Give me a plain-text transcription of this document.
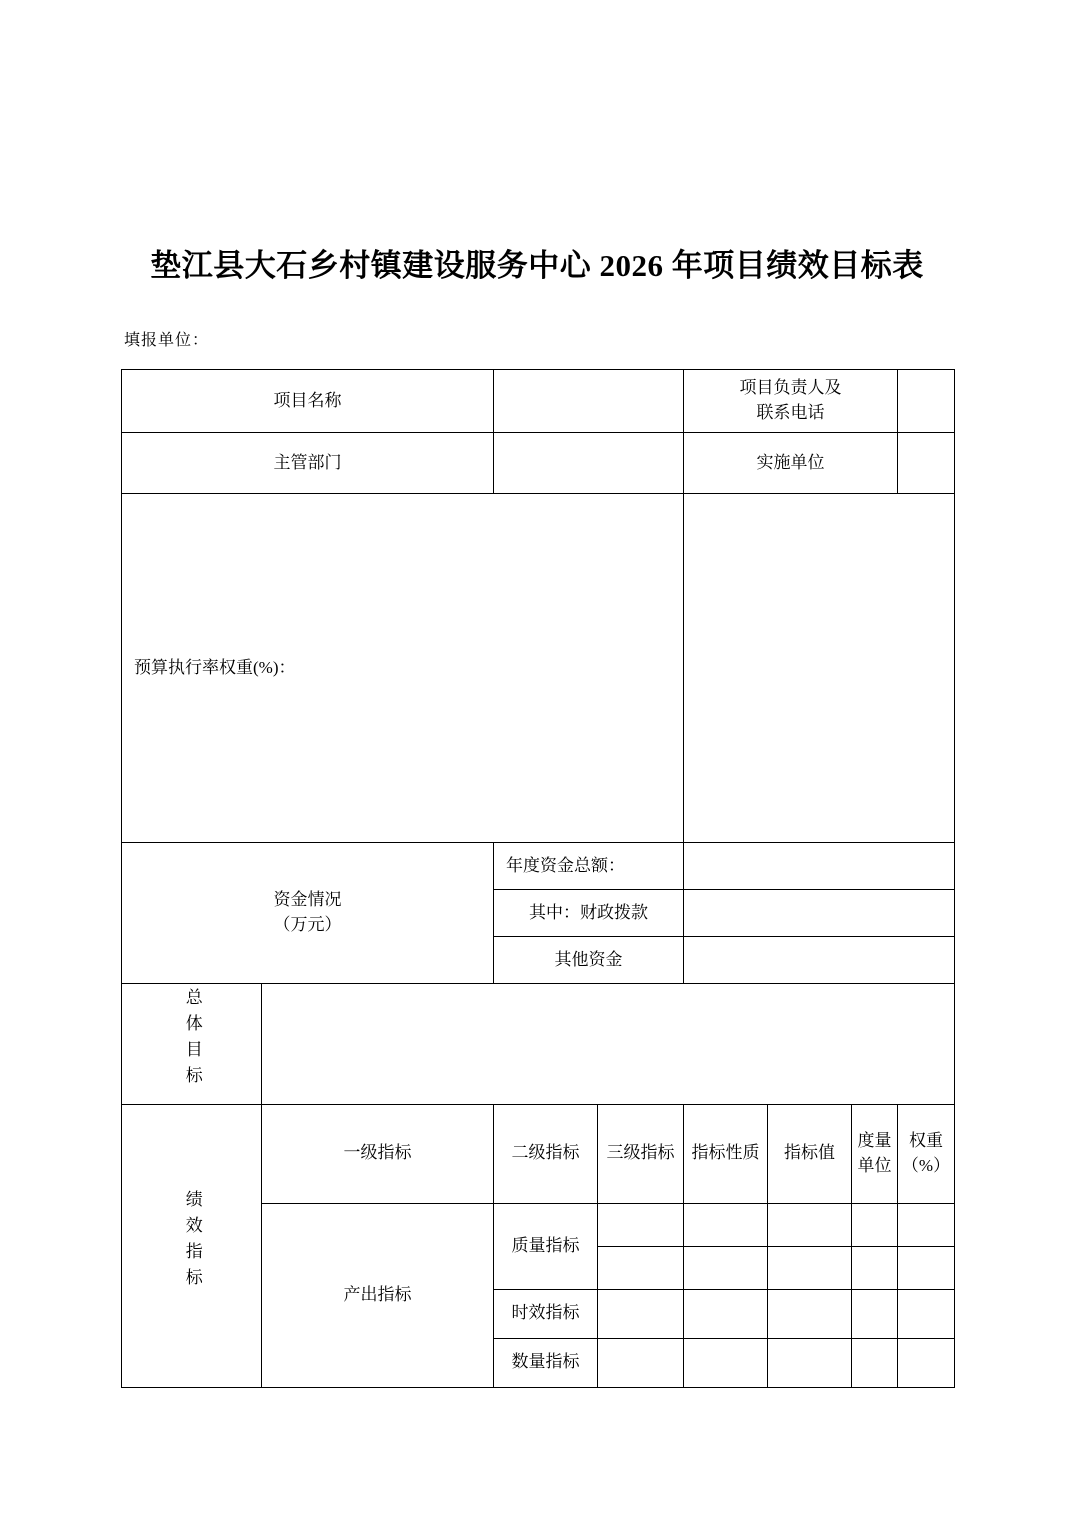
垫江县大石乡村镇建设服务中心 2026 年项目绩效目标表
填报单位：
项目名称				项目负责人及
联系电话			
主管部门				实施单位			
预算执行率权重(%)：							
资金情况
（万元）		年度资金总额：					
		其中：财政拨款					
		其他资金					
总体目标							
绩效指标	一级指标	二级指标	三级指标	指标性质	指标值	度量单位	权重（%）
	产出指标	质量指标					

		时效指标					
		数量指标					
